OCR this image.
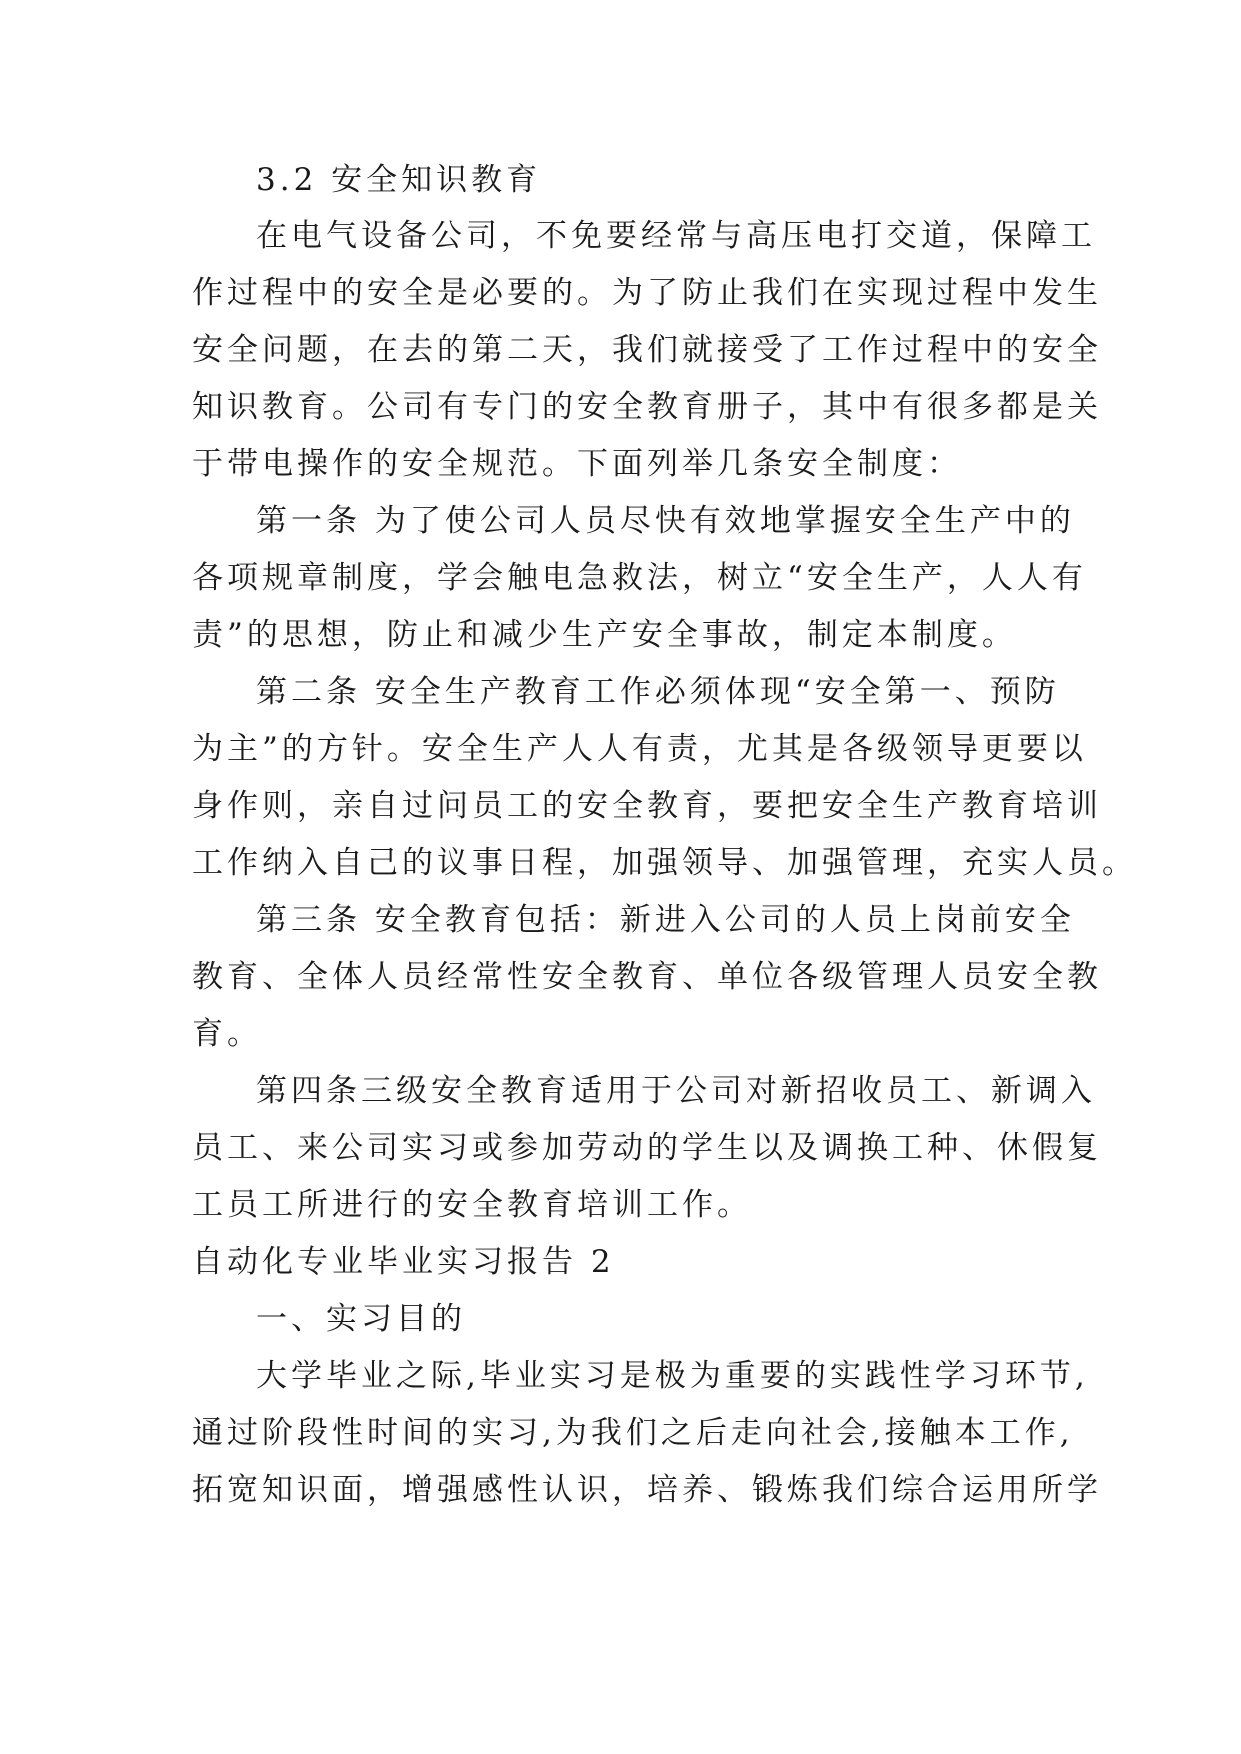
3.2 安全知识教育
在电气设备公司，不免要经常与高压电打交道，保障工
作过程中的安全是必要的。为了防止我们在实现过程中发生
安全问题，在去的第二天，我们就接受了工作过程中的安全
知识教育。公司有专门的安全教育册子，其中有很多都是关
于带电操作的安全规范。下面列举几条安全制度：
第一条 为了使公司人员尽快有效地掌握安全生产中的
各项规章制度，学会触电急救法，树立“安全生产，人人有
责”的思想，防止和减少生产安全事故，制定本制度。
第二条 安全生产教育工作必须体现“安全第一、预防
为主”的方针。安全生产人人有责，尤其是各级领导更要以
身作则，亲自过问员工的安全教育，要把安全生产教育培训
工作纳入自己的议事日程，加强领导、加强管理，充实人员。
第三条 安全教育包括：新进入公司的人员上岗前安全
教育、全体人员经常性安全教育、单位各级管理人员安全教
育。
第四条三级安全教育适用于公司对新招收员工、新调入
员工、来公司实习或参加劳动的学生以及调换工种、休假复
工员工所进行的安全教育培训工作。
自动化专业毕业实习报告 2
一、实习目的
大学毕业之际,毕业实习是极为重要的实践性学习环节,
通过阶段性时间的实习,为我们之后走向社会,接触本工作,
拓宽知识面，增强感性认识，培养、锻炼我们综合运用所学
